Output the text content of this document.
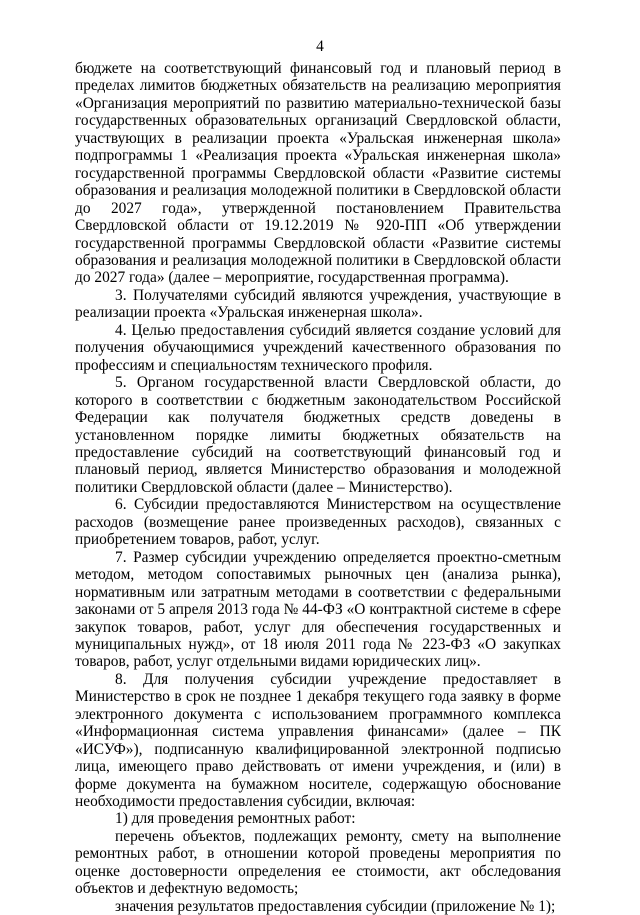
4

бюджете на соответствующий финансовый год и плановый период в пределах лимитов бюджетных обязательств на реализацию мероприятия «Организация мероприятий по развитию материально-технической базы государственных образовательных организаций Свердловской области, участвующих в реализации проекта «Уральская инженерная школа» подпрограммы 1 «Реализация проекта «Уральская инженерная школа» государственной программы Свердловской области «Развитие системы образования и реализация молодежной политики в Свердловской области до 2027 года», утвержденной постановлением Правительства Свердловской области от 19.12.2019 № 920-ПП «Об утверждении государственной программы Свердловской области «Развитие системы образования и реализация молодежной политики в Свердловской области до 2027 года» (далее – мероприятие, государственная программа).

3. Получателями субсидий являются учреждения, участвующие в реализации проекта «Уральская инженерная школа».

4. Целью предоставления субсидий является создание условий для получения обучающимися учреждений качественного образования по профессиям и специальностям технического профиля.

5. Органом государственной власти Свердловской области, до которого в соответствии с бюджетным законодательством Российской Федерации как получателя бюджетных средств доведены в установленном порядке лимиты бюджетных обязательств на предоставление субсидий на соответствующий финансовый год и плановый период, является Министерство образования и молодежной политики Свердловской области (далее – Министерство).

6. Субсидии предоставляются Министерством на осуществление расходов (возмещение ранее произведенных расходов), связанных с приобретением товаров, работ, услуг.

7. Размер субсидии учреждению определяется проектно-сметным методом, методом сопоставимых рыночных цен (анализа рынка), нормативным или затратным методами в соответствии с федеральными законами от 5 апреля 2013 года № 44-ФЗ «О контрактной системе в сфере закупок товаров, работ, услуг для обеспечения государственных и муниципальных нужд», от 18 июля 2011 года № 223-ФЗ «О закупках товаров, работ, услуг отдельными видами юридических лиц».

8. Для получения субсидии учреждение предоставляет в Министерство в срок не позднее 1 декабря текущего года заявку в форме электронного документа с использованием программного комплекса «Информационная система управления финансами» (далее – ПК «ИСУФ»), подписанную квалифицированной электронной подписью лица, имеющего право действовать от имени учреждения, и (или) в форме документа на бумажном носителе, содержащую обоснование необходимости предоставления субсидии, включая:

1) для проведения ремонтных работ:

перечень объектов, подлежащих ремонту, смету на выполнение ремонтных работ, в отношении которой проведены мероприятия по оценке достоверности определения ее стоимости, акт обследования объектов и дефектную ведомость;

значения результатов предоставления субсидии (приложение № 1);
